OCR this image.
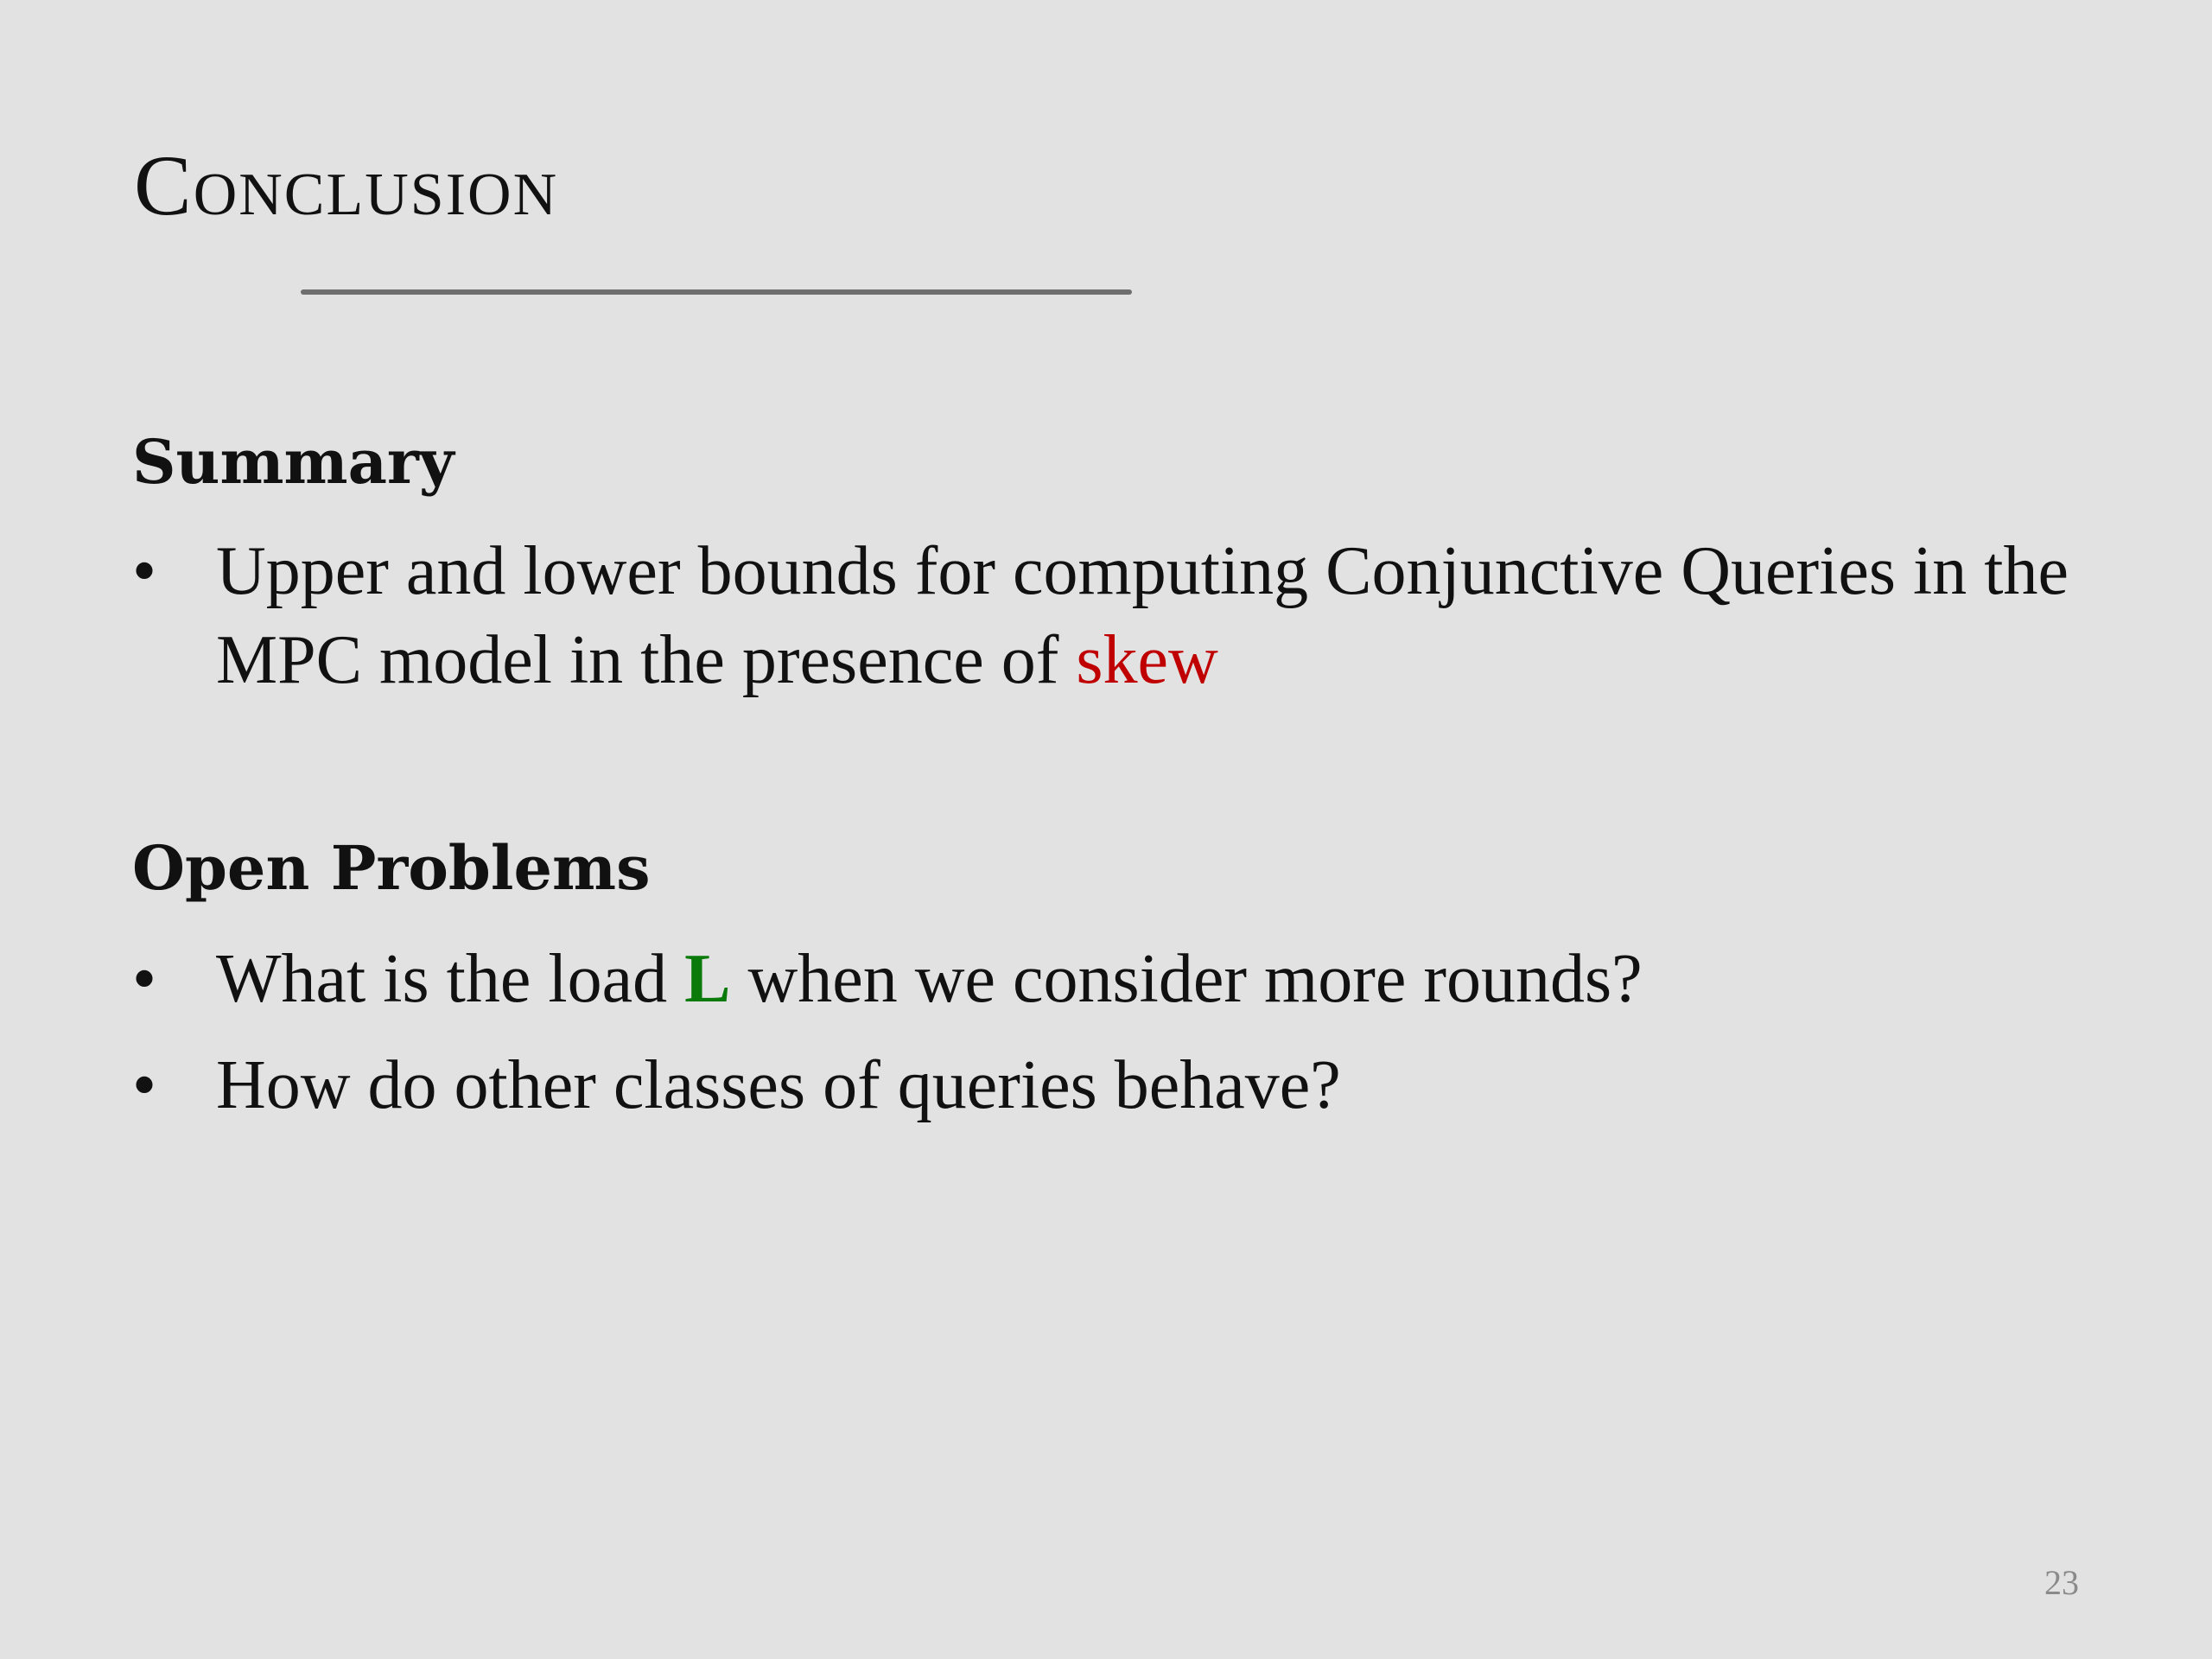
Conclusion
Summary
• Upper and lower bounds for computing Conjunctive Queries in the MPC model in the presence of skew
Open Problems
• What is the load L when we consider more rounds?
• How do other classes of queries behave?
23
